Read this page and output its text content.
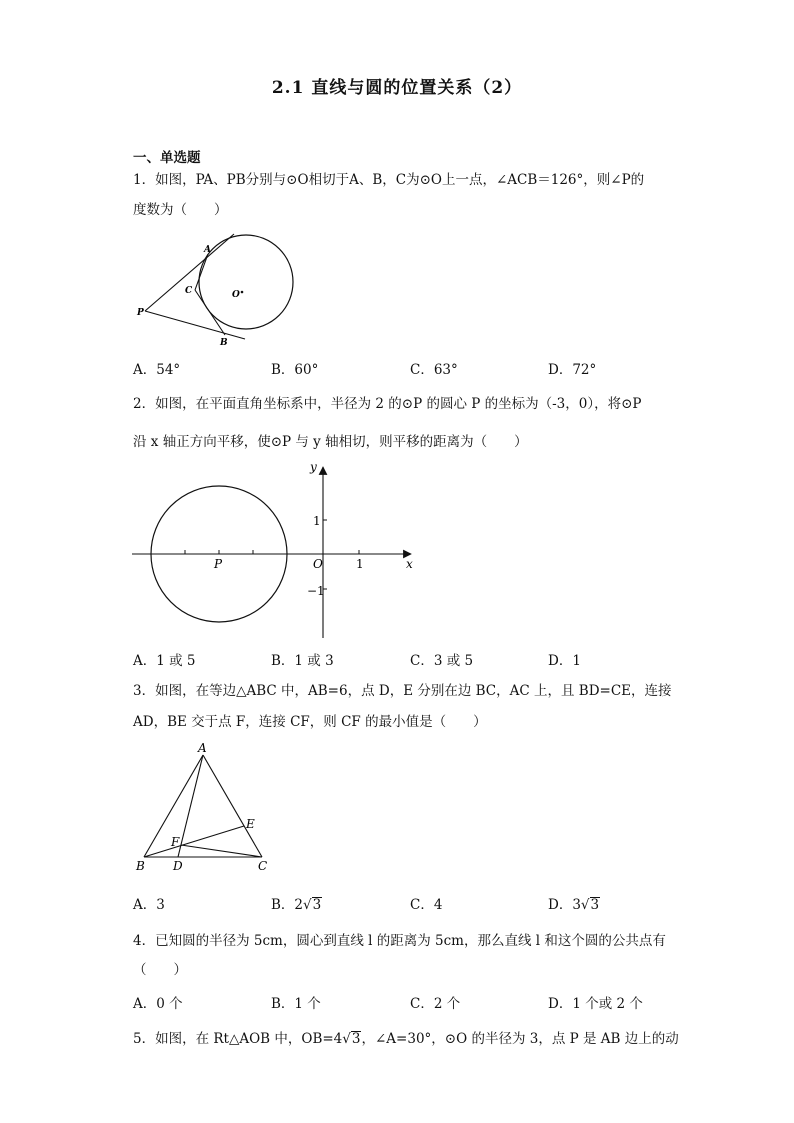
2.1 直线与圆的位置关系（2）
一、单选题
1．如图，PA、PB分别与⊙O相切于A、B，C为⊙O上一点，∠ACB＝126°，则∠P的
度数为（　　）
A
C	O
P
B
A．54°	B．60°	C．63°	D．72°
2．如图，在平面直角坐标系中，半径为 2 的⊙P 的圆心 P 的坐标为（-3，0），将⊙P
沿 x 轴正方向平移，使⊙P 与 y 轴相切，则平移的距离为（　　）
y
x
O
P
1
−1
1
A．1 或 5	B．1 或 3	C．3 或 5	D．1
3．如图，在等边△ABC 中，AB=6，点 D，E 分别在边 BC，AC 上，且 BD=CE，连接
AD，BE 交于点 F，连接 CF，则 CF 的最小值是（　　）
A
B D	C
E
F
A．3	B．2√3	C．4	D．3√3
4．已知圆的半径为 5cm，圆心到直线 l 的距离为 5cm，那么直线 l 和这个圆的公共点有
（　　）
A．0 个	B．1 个	C．2 个	D．1 个或 2 个
5．如图，在 Rt△AOB 中，OB=4√3，∠A=30°，⊙O 的半径为 3，点 P 是 AB 边上的动
